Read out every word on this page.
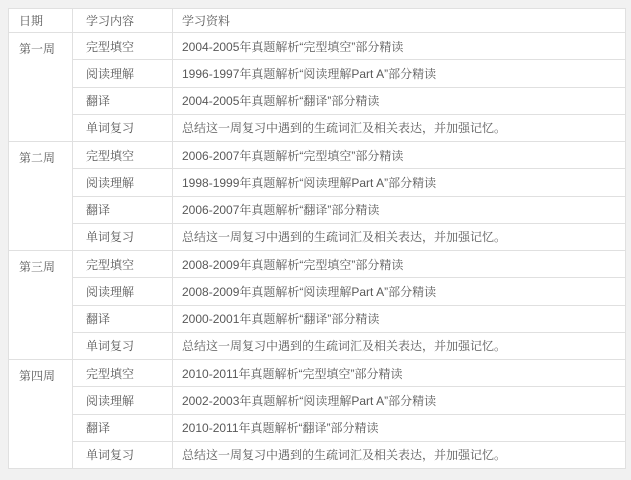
日期	学习内容	学习资料
第一周	完型填空	2004-2005年真题解析“完型填空”部分精读
	阅读理解	1996-1997年真题解析“阅读理解Part A”部分精读
	翻译	2004-2005年真题解析“翻译”部分精读
	单词复习	总结这一周复习中遇到的生疏词汇及相关表达，并加强记忆。
第二周	完型填空	2006-2007年真题解析“完型填空”部分精读
	阅读理解	1998-1999年真题解析“阅读理解Part A”部分精读
	翻译	2006-2007年真题解析“翻译”部分精读
	单词复习	总结这一周复习中遇到的生疏词汇及相关表达，并加强记忆。
第三周	完型填空	2008-2009年真题解析“完型填空”部分精读
	阅读理解	2008-2009年真题解析“阅读理解Part A”部分精读
	翻译	2000-2001年真题解析“翻译”部分精读
	单词复习	总结这一周复习中遇到的生疏词汇及相关表达，并加强记忆。
第四周	完型填空	2010-2011年真题解析“完型填空”部分精读
	阅读理解	2002-2003年真题解析“阅读理解Part A”部分精读
	翻译	2010-2011年真题解析“翻译”部分精读
	单词复习	总结这一周复习中遇到的生疏词汇及相关表达，并加强记忆。
